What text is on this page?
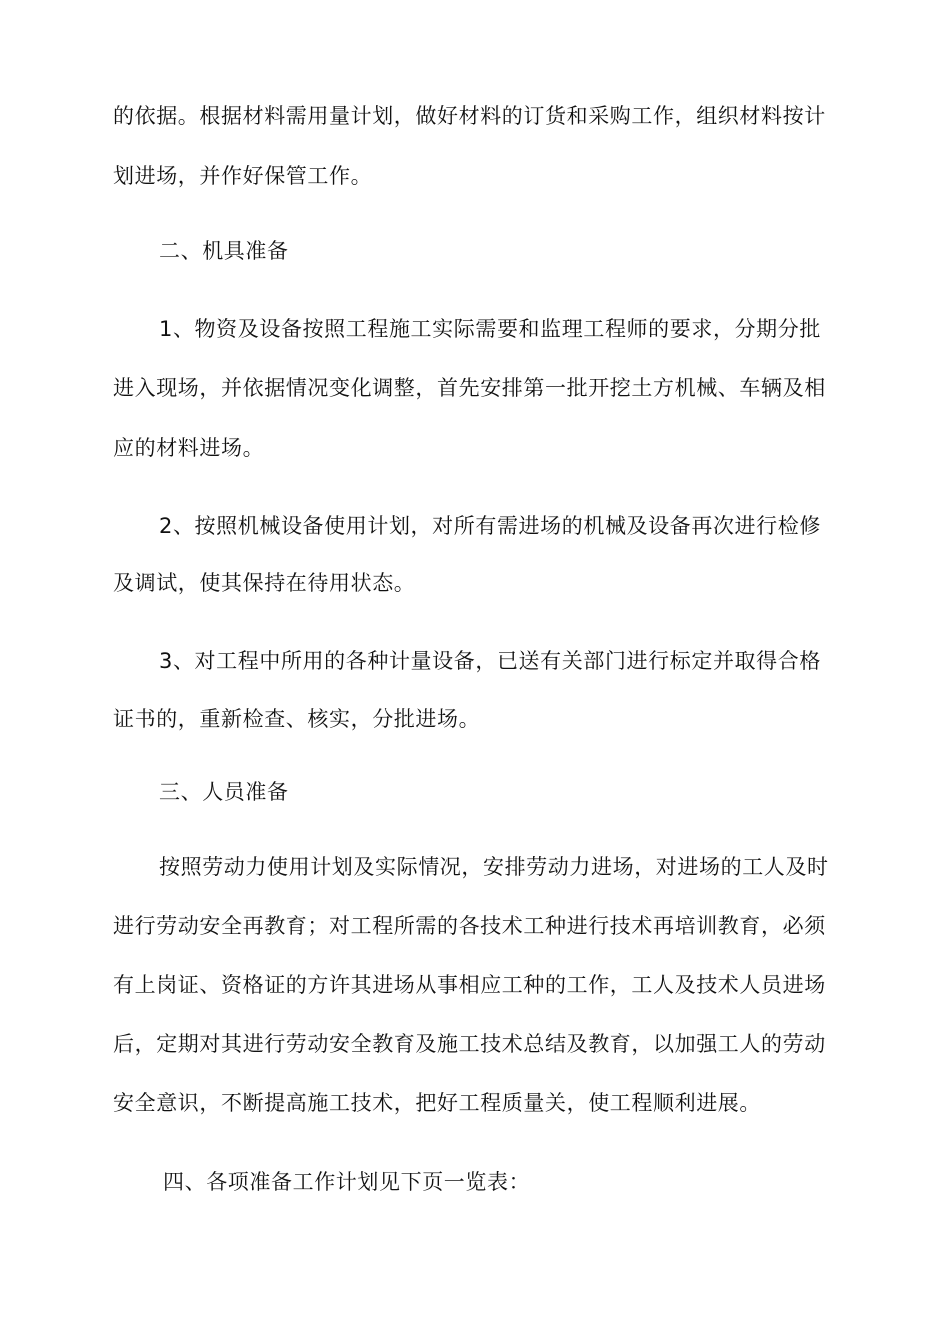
的依据。根据材料需用量计划，做好材料的订货和采购工作，组织材料按计
划进场，并作好保管工作。
二、机具准备
1、物资及设备按照工程施工实际需要和监理工程师的要求，分期分批
进入现场，并依据情况变化调整，首先安排第一批开挖土方机械、车辆及相
应的材料进场。
2、按照机械设备使用计划，对所有需进场的机械及设备再次进行检修
及调试，使其保持在待用状态。
3、对工程中所用的各种计量设备，已送有关部门进行标定并取得合格
证书的，重新检查、核实，分批进场。
三、人员准备
按照劳动力使用计划及实际情况，安排劳动力进场，对进场的工人及时
进行劳动安全再教育；对工程所需的各技术工种进行技术再培训教育，必须
有上岗证、资格证的方许其进场从事相应工种的工作，工人及技术人员进场
后，定期对其进行劳动安全教育及施工技术总结及教育，以加强工人的劳动
安全意识，不断提高施工技术，把好工程质量关，使工程顺利进展。
四、各项准备工作计划见下页一览表：
